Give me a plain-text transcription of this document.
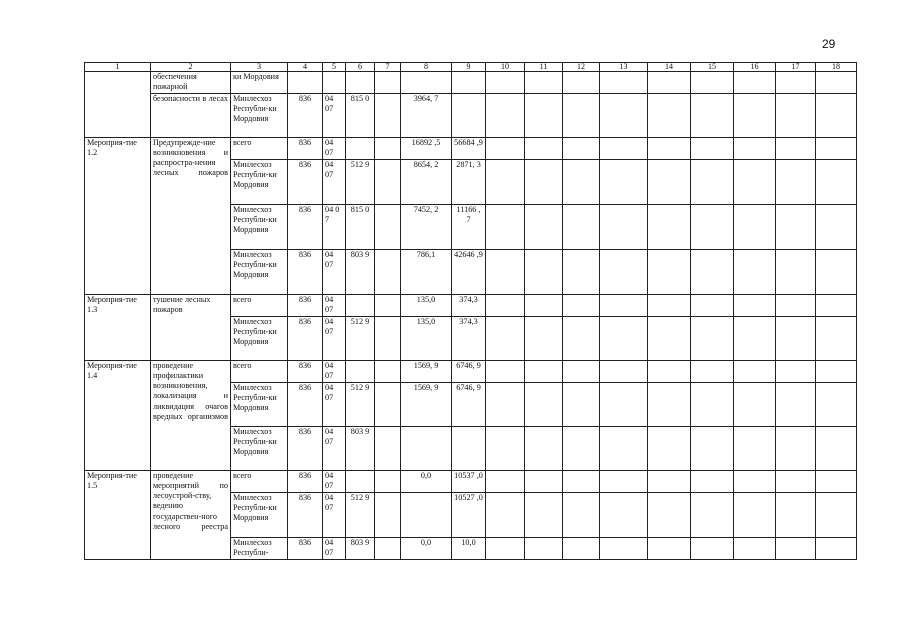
29
1	2	3	4	5	6	7	8	9	10	11	12	13	14	15	16	17	18
	обеспечения пожарной	ки Мордовия															
	безопасности в лесах	Минлесхоз Республи-ки Мордовия	836	04 07	815 0		3964, 7										
Мероприя-тие 1.2	Предупрежде-ние возникновения и распростра-нения лесных пожаров	всего	836	04 07			16892 ,5	56684 ,9									
		Минлесхоз Республи-ки Мордовия	836	04 07	512 9		8654, 2	2871, 3									
		Минлесхоз Республи-ки Мордовия	836	04 0 7	815 0		7452, 2	11166 , 7									
		Минлесхоз Республи-ки Мордовия	836	04 07	803 9		786,1	42646 ,9									
Мероприя-тие 1.3	тушение лесных пожаров	всего	836	04 07			135,0	374,3									
		Минлесхоз Республи-ки Мордовия	836	04 07	512 9		135,0	374,3									
Мероприя-тие 1.4	проведение профилактики возникновения, локализация и ликвидация очагов вредных организмов	всего	836	04 07			1569, 9	6746, 9									
		Минлесхоз Республи-ки Мордовия	836	04 07	512 9		1569, 9	6746, 9									
		Минлесхоз Республи-ки Мордовия	836	04 07	803 9												
Мероприя-тие 1.5	проведение мероприятий по лесоустрой-ству, ведению государствен-ного лесного реестра	всего	836	04 07			0,0	10537 ,0									
		Минлесхоз Республи-ки Мордовия	836	04 07	512 9			10527 ,0									
		Минлесхоз Республи-	836	04 07	803 9		0,0	10,0									
